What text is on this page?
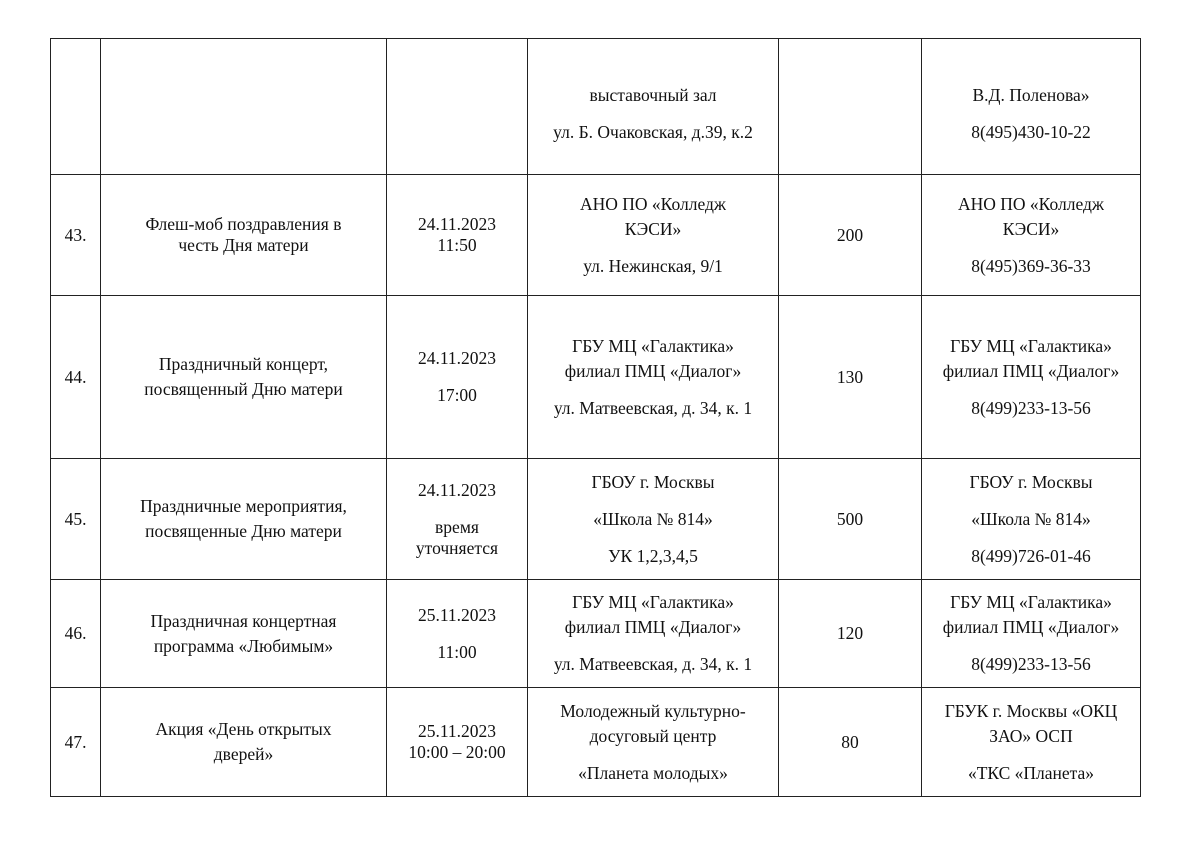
			выставочный зал
ул. Б. Очаковская, д.39, к.2		В.Д. Поленова»
8(495)430-10-22

43.	Флеш-моб поздравления в
честь Дня матери	24.11.2023
11:50	АНО ПО «Колледж
КЭСИ»
ул. Нежинская, 9/1	200	АНО ПО «Колледж
КЭСИ»
8(495)369-36-33

44.	Праздничный концерт,
посвященный Дню матери	24.11.2023
17:00	ГБУ МЦ «Галактика»
филиал ПМЦ «Диалог»
ул. Матвеевская, д. 34, к. 1	130	ГБУ МЦ «Галактика»
филиал ПМЦ «Диалог»
8(499)233-13-56

45.	Праздничные мероприятия,
посвященные Дню матери	24.11.2023
время
уточняется	ГБОУ г. Москвы
«Школа № 814»
УК 1,2,3,4,5	500	ГБОУ г. Москвы
«Школа № 814»
8(499)726-01-46

46.	Праздничная концертная
программа «Любимым»	25.11.2023
11:00	ГБУ МЦ «Галактика»
филиал ПМЦ «Диалог»
ул. Матвеевская, д. 34, к. 1	120	ГБУ МЦ «Галактика»
филиал ПМЦ «Диалог»
8(499)233-13-56

47.	Акция «День открытых
дверей»	25.11.2023
10:00 – 20:00	Молодежный культурно-
досуговый центр
«Планета молодых»	80	ГБУК г. Москвы «ОКЦ
ЗАО» ОСП
«ТКС «Планета»
